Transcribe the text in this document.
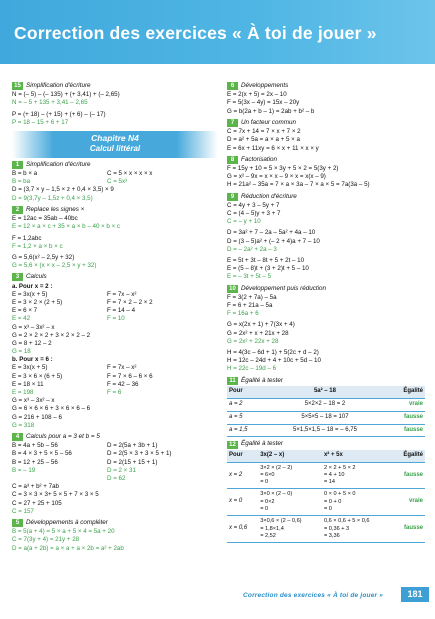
Correction des exercices « À toi de jouer »
15 Simplification d'écriture
N = (– 5) – (– 135) + (+ 3,41) + (– 2,65)
N = – 5 + 135 + 3,41 – 2,65
P = (+ 18) – (+ 15) + (+ 6) – (– 17)
P = 18 – 15 + 6 + 17
Chapitre N4
Calcul littéral
1	Simplification d'écriture
B = b × a	C = 5 × x × x × x
B = ba	C = 5x³
D = (3,7 × y – 1,5 × z + 0,4 × 3,5) × 9
D = 9(3,7y – 1,5z + 0,4 × 3,5)
2	Replace les signes ×
E = 12ac = 35ab – 40bc
E = 12 × a × c + 35 × a × b – 40 × b × c
F = 1,2abc
F = 1,2 × a × b × c
G = 5,6(x² – 2,5y + 32)
G = 5,6 × (x × x – 2,5 × y + 32)
3	Calculs
a. Pour x = 2 :
E = 3x(x + 5)	F = 7x – x²
E = 3 × 2 × (2 + 5)	F = 7 × 2 – 2 × 2
E = 6 × 7	F = 14 – 4
E = 42	F = 10
G = x³ – 3x² – x
G = 2 × 2 × 2 + 3 × 2 × 2 – 2
G = 8 + 12 – 2
G = 18
b. Pour x = 6 :
E = 3x(x + 5)	F = 7x – x²
E = 3 × 6 × (6 + 5)	F = 7 × 6 – 6 × 6
E = 18 × 11	F = 42 – 36
E = 198	F = 6
G = x³ – 3x² – x
G = 6 × 6 × 6 + 3 × 6 × 6 – 6
G = 216 + 108 – 6
G = 318
4	Calculs pour a = 3 et b = 5
B = 4a + 5b – 56	D = 2(5a + 3b + 1)
B = 4 × 3 + 5 × 5 – 56	D = 2(5 × 3 + 3 × 5 + 1)
B = 12 + 25 – 56	D = 2(15 + 15 + 1)
B = – 19	D = 2 × 31
D = 62
C = a³ + b² + 7ab
C = 3 × 3 × 3+ 5 × 5 + 7 × 3 × 5
C = 27 + 25 + 105
C = 157
5	Développements à compléter
B = 5(a + 4) = 5 × a + 5 × 4 = 5a + 20
C = 7(3y + 4) = 21y + 28
D = a(a + 2b) = a × a + a × 2b = a² + 2ab
6	Développements
E = 2(x + 5) = 2x – 10
F = 5(3x – 4y) = 15x – 20y
G = b(2a + b – 1) = 2ab + b² – b
7	Un facteur commun
C = 7x + 14 = 7 × x + 7 × 2
D = a² + 5a = a × a + 5 × a
E = 6x + 11xy = 6 × x + 11 × x × y
8	Factorisation
F = 15y + 10 = 5 × 3y + 5 × 2 = 5(3y + 2)
G = x² – 9x = x × x – 9 × x = x(x – 9)
H = 21a² – 35a = 7 × a × 3a – 7 × a × 5 = 7a(3a – 5)
9	Réduction d'écriture
C = 4y + 3 – 5y + 7
C = (4 – 5)y + 3 + 7
C = – y + 10
D = 3a² + 7 – 2a – 5a² + 4a – 10
D = (3 – 5)a² + (– 2 + 4)a + 7 – 10
D = – 2a² + 2a – 3
E = 5t + 3t – 8t + 5 + 2t – 10
E = (5 – 8)t + (3 + 2)t + 5 – 10
E = – 3t + 5t – 5
10 Développement puis réduction
F = 3(2 + 7a) – 5a
F = 6 + 21a – 5a
F = 16a + 6
G = x(2x + 1) + 7(3x + 4)
G = 2x² + x + 21x + 28
G = 2x² + 22x + 28
H = 4(3c – 6d + 1) + 5(2c + d – 2)
H = 12c – 24d + 4 + 10c + 5d – 10
H = 22c – 19d – 6
11 Égalité à tester
Pour	5a² – 18	Égalité
a = 2	5×2×2 – 18 = 2	vraie
a = 5	5×5×5 – 18 = 107	fausse
a = 1,5	5×1,5×1,5 – 18 = – 6,75	fausse
12 Égalité à tester
Pour	3x(2 – x)	x² + 5x	Égalité
x = 2	3×2 × (2 – 2)
= 6×0
= 0	2 × 2 + 5 × 2
= 4 + 10
= 14	fausse
x = 0	3×0 × (2 – 0)
= 0×2
= 0	0 × 0 + 5 × 0
= 0 + 0
= 0	vraie
x = 0,6	3×0,6 × (2 – 0,6)
= 1,8×1,4
= 2,52	0,6 × 0,6 + 5 × 0,6
= 0,36 + 3
= 3,36	fausse
Correction des exercices « À toi de jouer »	181
